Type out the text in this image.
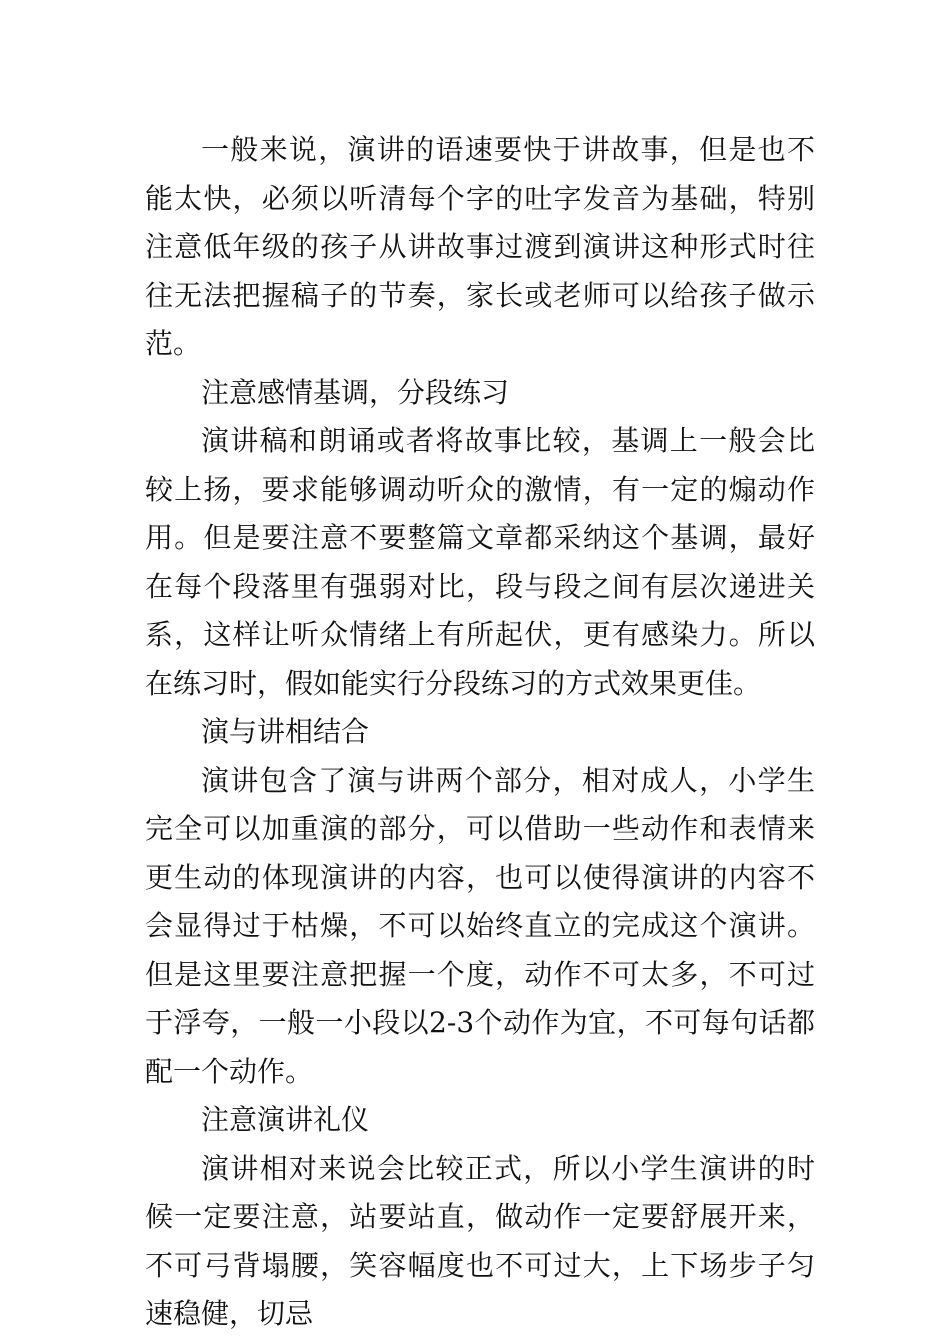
一般来说，演讲的语速要快于讲故事，但是也不能太快，必须以听清每个字的吐字发音为基础，特别注意低年级的孩子从讲故事过渡到演讲这种形式时往往无法把握稿子的节奏，家长或老师可以给孩子做示范。

注意感情基调，分段练习

演讲稿和朗诵或者将故事比较，基调上一般会比较上扬，要求能够调动听众的激情，有一定的煽动作用。但是要注意不要整篇文章都采纳这个基调，最好在每个段落里有强弱对比，段与段之间有层次递进关系，这样让听众情绪上有所起伏，更有感染力。所以在练习时，假如能实行分段练习的方式效果更佳。

演与讲相结合

演讲包含了演与讲两个部分，相对成人，小学生完全可以加重演的部分，可以借助一些动作和表情来更生动的体现演讲的内容，也可以使得演讲的内容不会显得过于枯燥，不可以始终直立的完成这个演讲。但是这里要注意把握一个度，动作不可太多，不可过于浮夸，一般一小段以2-3个动作为宜，不可每句话都配一个动作。

注意演讲礼仪

演讲相对来说会比较正式，所以小学生演讲的时候一定要注意，站要站直，做动作一定要舒展开来，不可弓背塌腰，笑容幅度也不可过大，上下场步子匀速稳健，切忌
